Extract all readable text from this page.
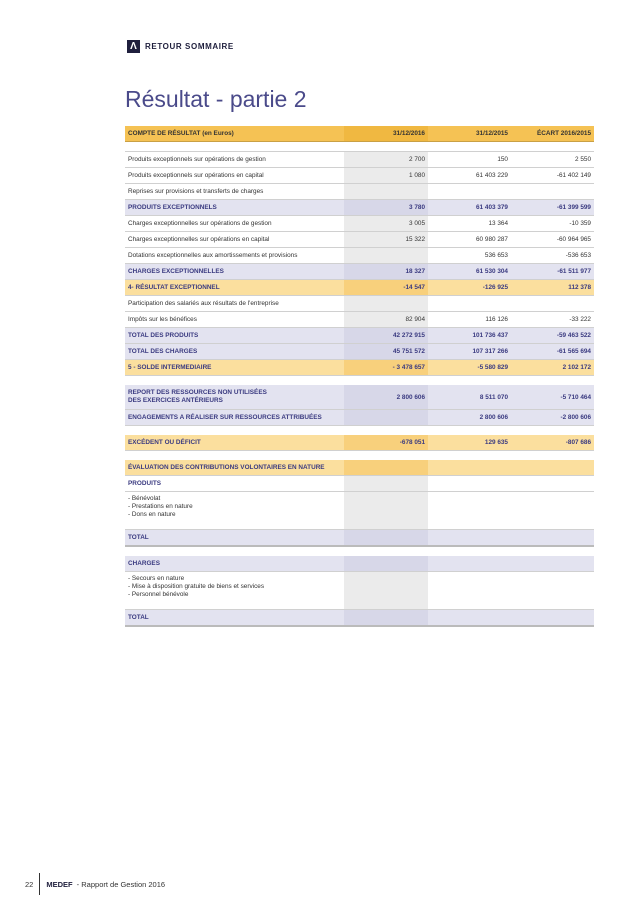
Λ	RETOUR SOMMAIRE
Résultat - partie 2
COMPTE DE RÉSULTAT (en Euros)	31/12/2016	31/12/2015	ÉCART 2016/2015

Produits exceptionnels sur opérations de gestion	2 700	150	2 550
Produits exceptionnels sur opérations en capital	1 080	61 403 229	-61 402 149
Reprises sur provisions et transferts de charges			
PRODUITS EXCEPTIONNELS	3 780	61 403 379	-61 399 599
Charges exceptionnelles sur opérations de gestion	3 005	13 364	-10 359
Charges exceptionnelles sur opérations en capital	15 322	60 980 287	-60 964 965
Dotations exceptionnelles aux amortissements et provisions		536 653	-536 653
CHARGES EXCEPTIONNELLES	18 327	61 530 304	-61 511 977
4- RÉSULTAT EXCEPTIONNEL	-14 547	-126 925	112 378
Participation des salariés aux résultats de l'entreprise			
Impôts sur les bénéfices	82 904	116 126	-33 222
TOTAL DES PRODUITS	42 272 915	101 736 437	-59 463 522
TOTAL DES CHARGES	45 751 572	107 317 266	-61 565 694
5 - SOLDE INTERMEDIAIRE	- 3 478 657	-5 580 829	2 102 172

REPORT DES RESSOURCES NON UTILISÉES
DES EXERCICES ANTÉRIEURS	2 800 606	8 511 070	-5 710 464
ENGAGEMENTS A RÉALISER SUR RESSOURCES ATTRIBUÉES		2 800 606	-2 800 606

EXCÉDENT OU DÉFICIT	-678 051	129 635	-807 686

ÉVALUATION DES CONTRIBUTIONS VOLONTAIRES EN NATURE			
PRODUITS			

- Bénévolat
- Prestations en nature
- Dons en nature			

TOTAL			

CHARGES			

- Secours en nature
- Mise à disposition gratuite de biens et services
- Personnel bénévole			

TOTAL			
22 MEDEF - Rapport de Gestion 2016
